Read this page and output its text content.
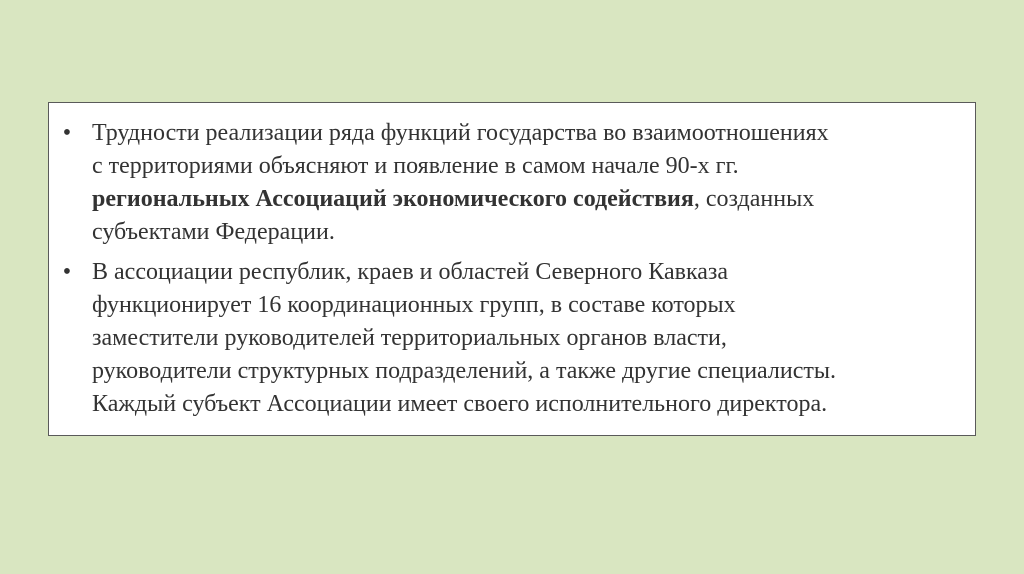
• Трудности реализации ряда функций государства во взаимоотношениях
с территориями объясняют и появление в самом начале 90-х гг.
региональных Ассоциаций экономического содействия, созданных
субъектами Федерации.
• В ассоциации республик, краев и областей Северного Кавказа
функционирует 16 координационных групп, в составе которых
заместители руководителей территориальных органов власти,
руководители структурных подразделений, а также другие специалисты.
Каждый субъект Ассоциации имеет своего исполнительного директора.
